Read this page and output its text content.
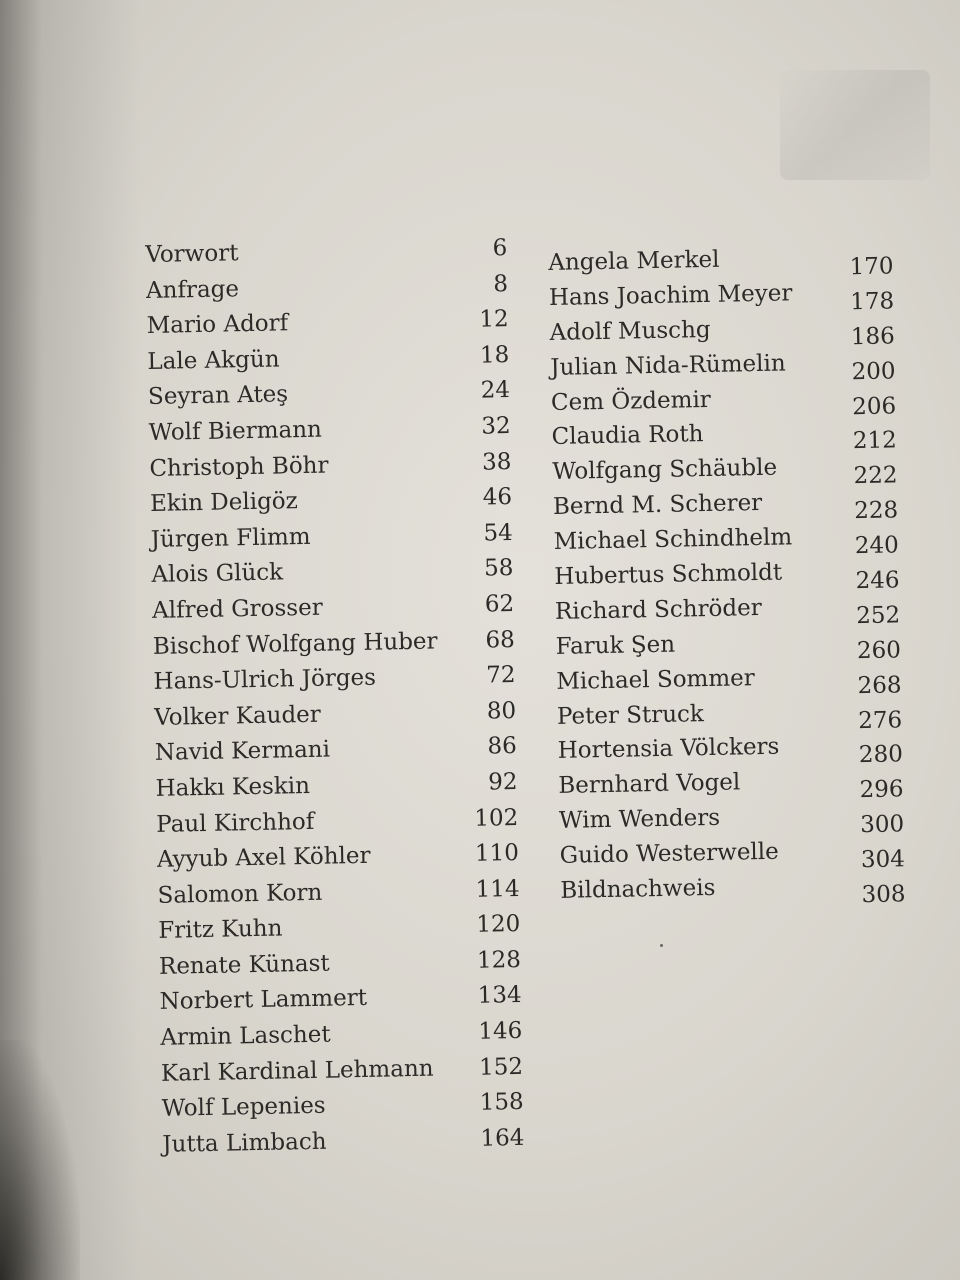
Vorwort	6
Anfrage	8
Mario Adorf	12
Lale Akgün	18
Seyran Ateş	24
Wolf Biermann	32
Christoph Böhr	38
Ekin Deligöz	46
Jürgen Flimm	54
Alois Glück	58
Alfred Grosser	62
Bischof Wolfgang Huber 68
Hans-Ulrich Jörges	72
Volker Kauder	80
Navid Kermani	86
Hakkı Keskin	92
Paul Kirchhof	102
Ayyub Axel Köhler	110
Salomon Korn	114
Fritz Kuhn	120
Renate Künast	128
Norbert Lammert	134
Armin Laschet	146
Karl Kardinal Lehmann 152
Wolf Lepenies	158
Jutta Limbach	164
Angela Merkel	170
Hans Joachim Meyer 178
Adolf Muschg	186
Julian Nida-Rümelin	200
Cem Özdemir	206
Claudia Roth	212
Wolfgang Schäuble	222
Bernd M. Scherer	228
Michael Schindhelm	240
Hubertus Schmoldt	246
Richard Schröder	252
Faruk Şen	260
Michael Sommer	268
Peter Struck	276
Hortensia Völckers	280
Bernhard Vogel	296
Wim Wenders	300
Guido Westerwelle	304
Bildnachweis	308
